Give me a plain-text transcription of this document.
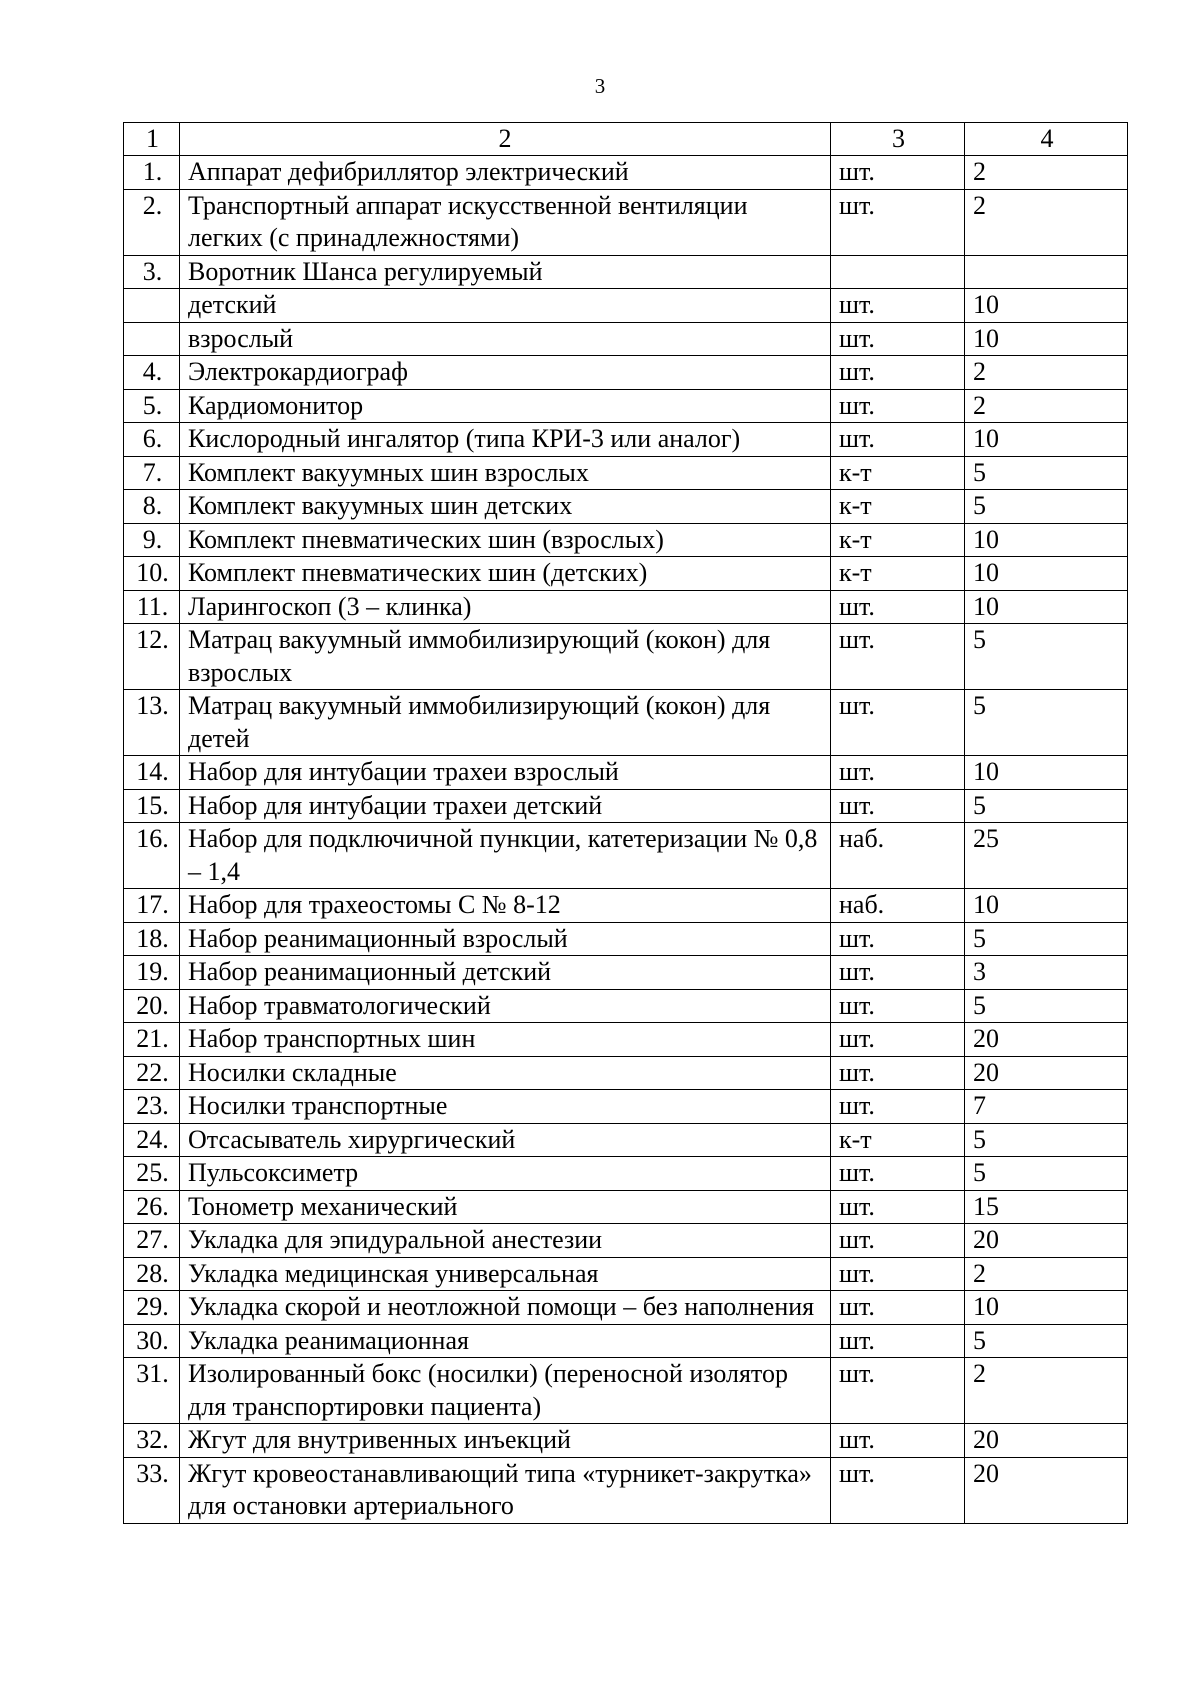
3
1	2	3	4
1.	Аппарат дефибриллятор электрический	шт.	2
2.	Транспортный аппарат искусственной вентиляции легких (с принадлежностями)	шт.	2
3.	Воротник Шанса регулируемый		
	детский	шт.	10
	взрослый	шт.	10
4.	Электрокардиограф	шт.	2
5.	Кардиомонитор	шт.	2
6.	Кислородный ингалятор (типа КРИ-3 или аналог)	шт.	10
7.	Комплект вакуумных шин взрослых	к-т	5
8.	Комплект вакуумных шин детских	к-т	5
9.	Комплект пневматических шин (взрослых)	к-т	10
10.	Комплект пневматических шин (детских)	к-т	10
11.	Ларингоскоп (3 – клинка)	шт.	10
12.	Матрац вакуумный иммобилизирующий (кокон) для взрослых	шт.	5
13.	Матрац вакуумный иммобилизирующий (кокон) для детей	шт.	5
14.	Набор для интубации трахеи взрослый	шт.	10
15.	Набор для интубации трахеи детский	шт.	5
16.	Набор для подключичной пункции, катетеризации № 0,8 – 1,4	наб.	25
17.	Набор для трахеостомы С № 8-12	наб.	10
18.	Набор реанимационный взрослый	шт.	5
19.	Набор реанимационный детский	шт.	3
20.	Набор травматологический	шт.	5
21.	Набор транспортных шин	шт.	20
22.	Носилки складные	шт.	20
23.	Носилки транспортные	шт.	7
24.	Отсасыватель хирургический	к-т	5
25.	Пульсоксиметр	шт.	5
26.	Тонометр механический	шт.	15
27.	Укладка для эпидуральной анестезии	шт.	20
28.	Укладка медицинская универсальная	шт.	2
29.	Укладка скорой и неотложной помощи – без наполнения	шт.	10
30.	Укладка реанимационная	шт.	5
31.	Изолированный бокс (носилки) (переносной изолятор для транспортировки пациента)	шт.	2
32.	Жгут для внутривенных инъекций	шт.	20
33.	Жгут кровеостанавливающий типа «турникет-закрутка» для остановки артериального	шт.	20
